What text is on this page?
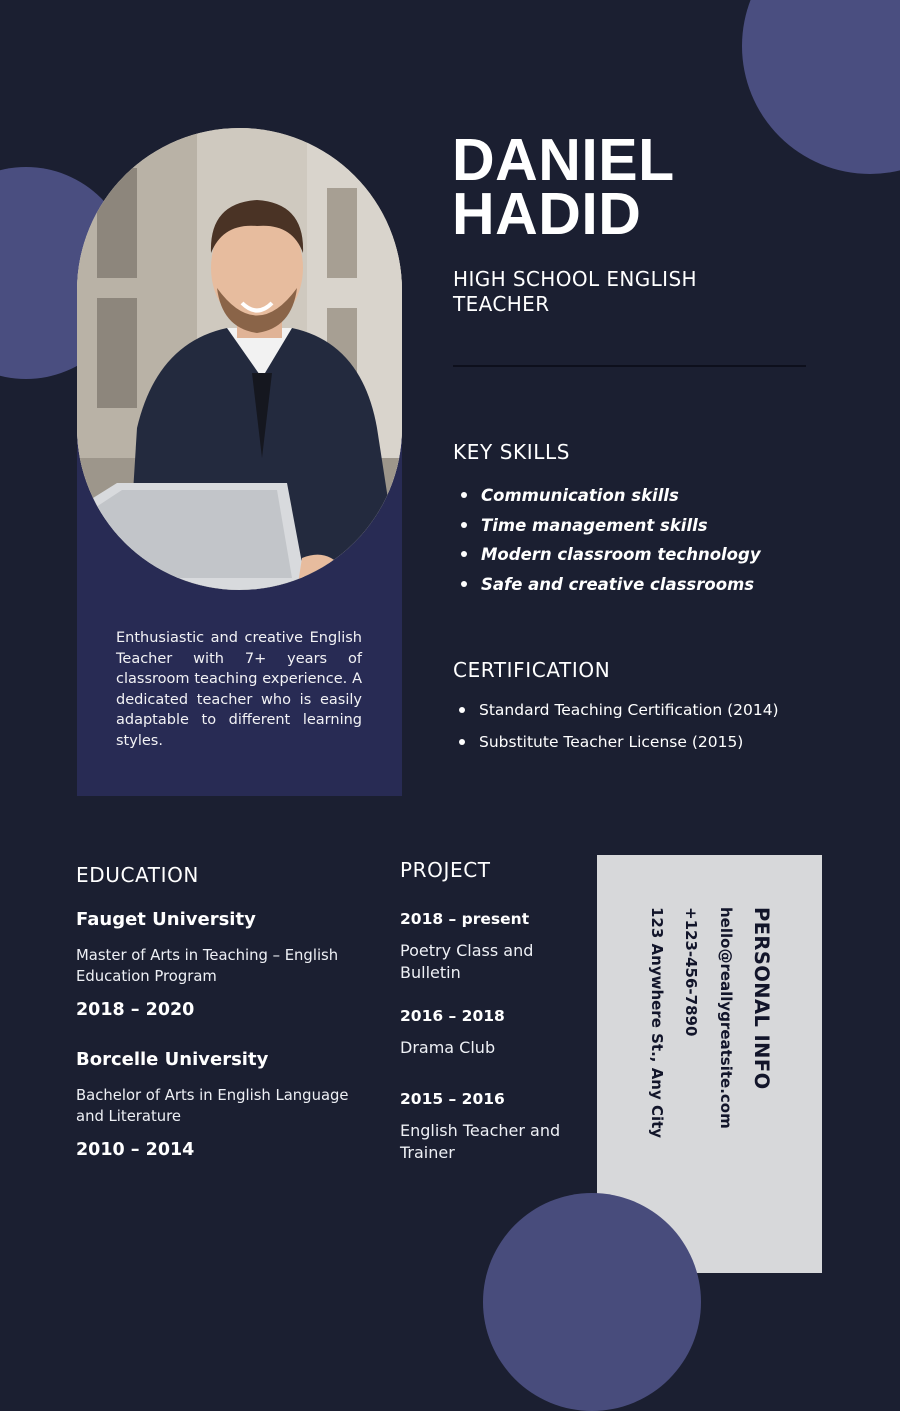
Enthusiastic and creative English Teacher with 7+ years of classroom teaching experience. A dedicated teacher who is easily adaptable to different learning styles.
DANIEL
HADID
HIGH SCHOOL ENGLISH TEACHER
KEY SKILLS
Communication skills
Time management skills
Modern classroom technology
Safe and creative classrooms
CERTIFICATION
Standard Teaching Certification (2014)
Substitute Teacher License (2015)
EDUCATION
Fauget University
Master of Arts in Teaching – English Education Program
2018 – 2020
Borcelle University
Bachelor of Arts in English Language and Literature
2010 – 2014
PROJECT
2018 – present
Poetry Class and Bulletin
2016 – 2018
Drama Club
2015 – 2016
English Teacher and Trainer
PERSONAL INFO
hello@reallygreatsite.com
+123-456-7890
123 Anywhere St., Any City
